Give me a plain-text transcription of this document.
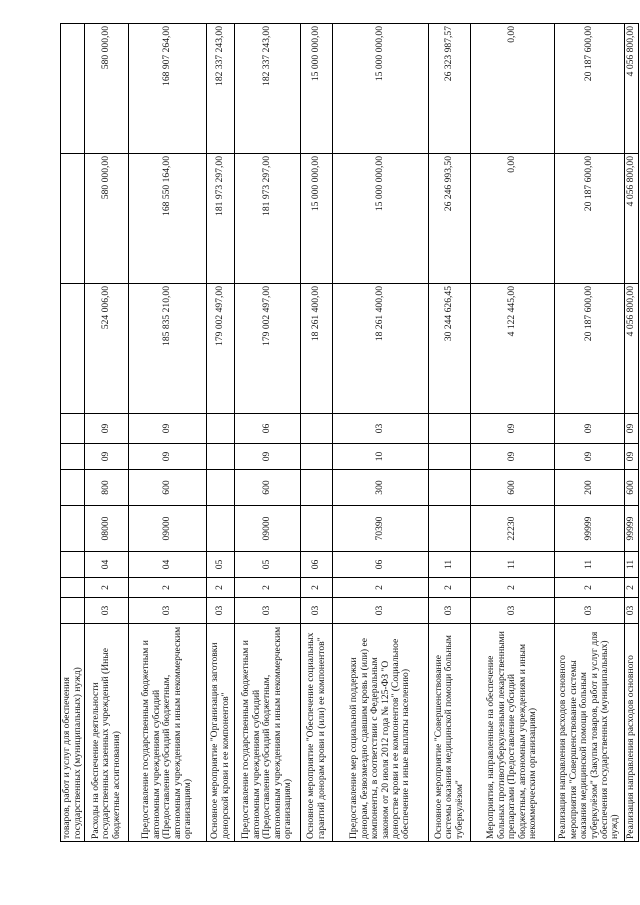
товаров, работ и услуг для обеспечения государственных (муниципальных) нужд)										
Расходы на обеспечение деятельности государственных казенных учреждений (Иные бюджетные ассигнования)	03	2	04	08000	800	09	09	524 006,00	580 000,00	580 000,00
Предоставление государственным бюджетным и автономным учреждениям субсидий (Предоставление субсидий бюджетным, автономным учреждениям и иным некоммерческим организациям)	03	2	04	09000	600	09	09	185 835 210,00	168 550 164,00	168 907 264,00
Основное мероприятие "Организация заготовки донорской крови и ее компонентов"	03	2	05					179 002 497,00	181 973 297,00	182 337 243,00
Предоставление государственным бюджетным и автономным учреждениям субсидий (Предоставление субсидий бюджетным, автономным учреждениям и иным некоммерческим организациям)	03	2	05	09000	600	09	06	179 002 497,00	181 973 297,00	182 337 243,00
Основное мероприятие "Обеспечение социальных гарантий донорам крови и (или) ее компонентов"	03	2	06					18 261 400,00	15 000 000,00	15 000 000,00
Предоставление мер социальной поддержки донорам, безвозмездно сдавшим кровь и (или) ее компоненты, в соответствии с Федеральным законом от 20 июля 2012 года № 125-ФЗ "О донорстве крови и ее компонентов" (Социальное обеспечение и иные выплаты населению)	03	2	06	70390	300	10	03	18 261 400,00	15 000 000,00	15 000 000,00
Основное мероприятие "Совершенствование системы оказания медицинской помощи больным туберкулёзом"	03	2	11					30 244 626,45	26 246 993,50	26 323 987,57
Мероприятия, направленные на обеспечение больных противотуберкулезными лекарственными препаратами (Предоставление субсидий бюджетным, автономным учреждениям и иным некоммерческим организациям)	03	2	11	22230	600	09	09	4 122 445,00	0,00	0,00
Реализация направления расходов основного мероприятия "Совершенствование системы оказания медицинской помощи больным туберкулёзом" (Закупка товаров, работ и услуг для обеспечения государственных (муниципальных) нужд)	03	2	11	99999	200	09	09	20 187 600,00	20 187 600,00	20 187 600,00
Реализация направления расходов основного	03	2	11	99999	600	09	09	4 056 800,00	4 056 800,00	4 056 800,00
